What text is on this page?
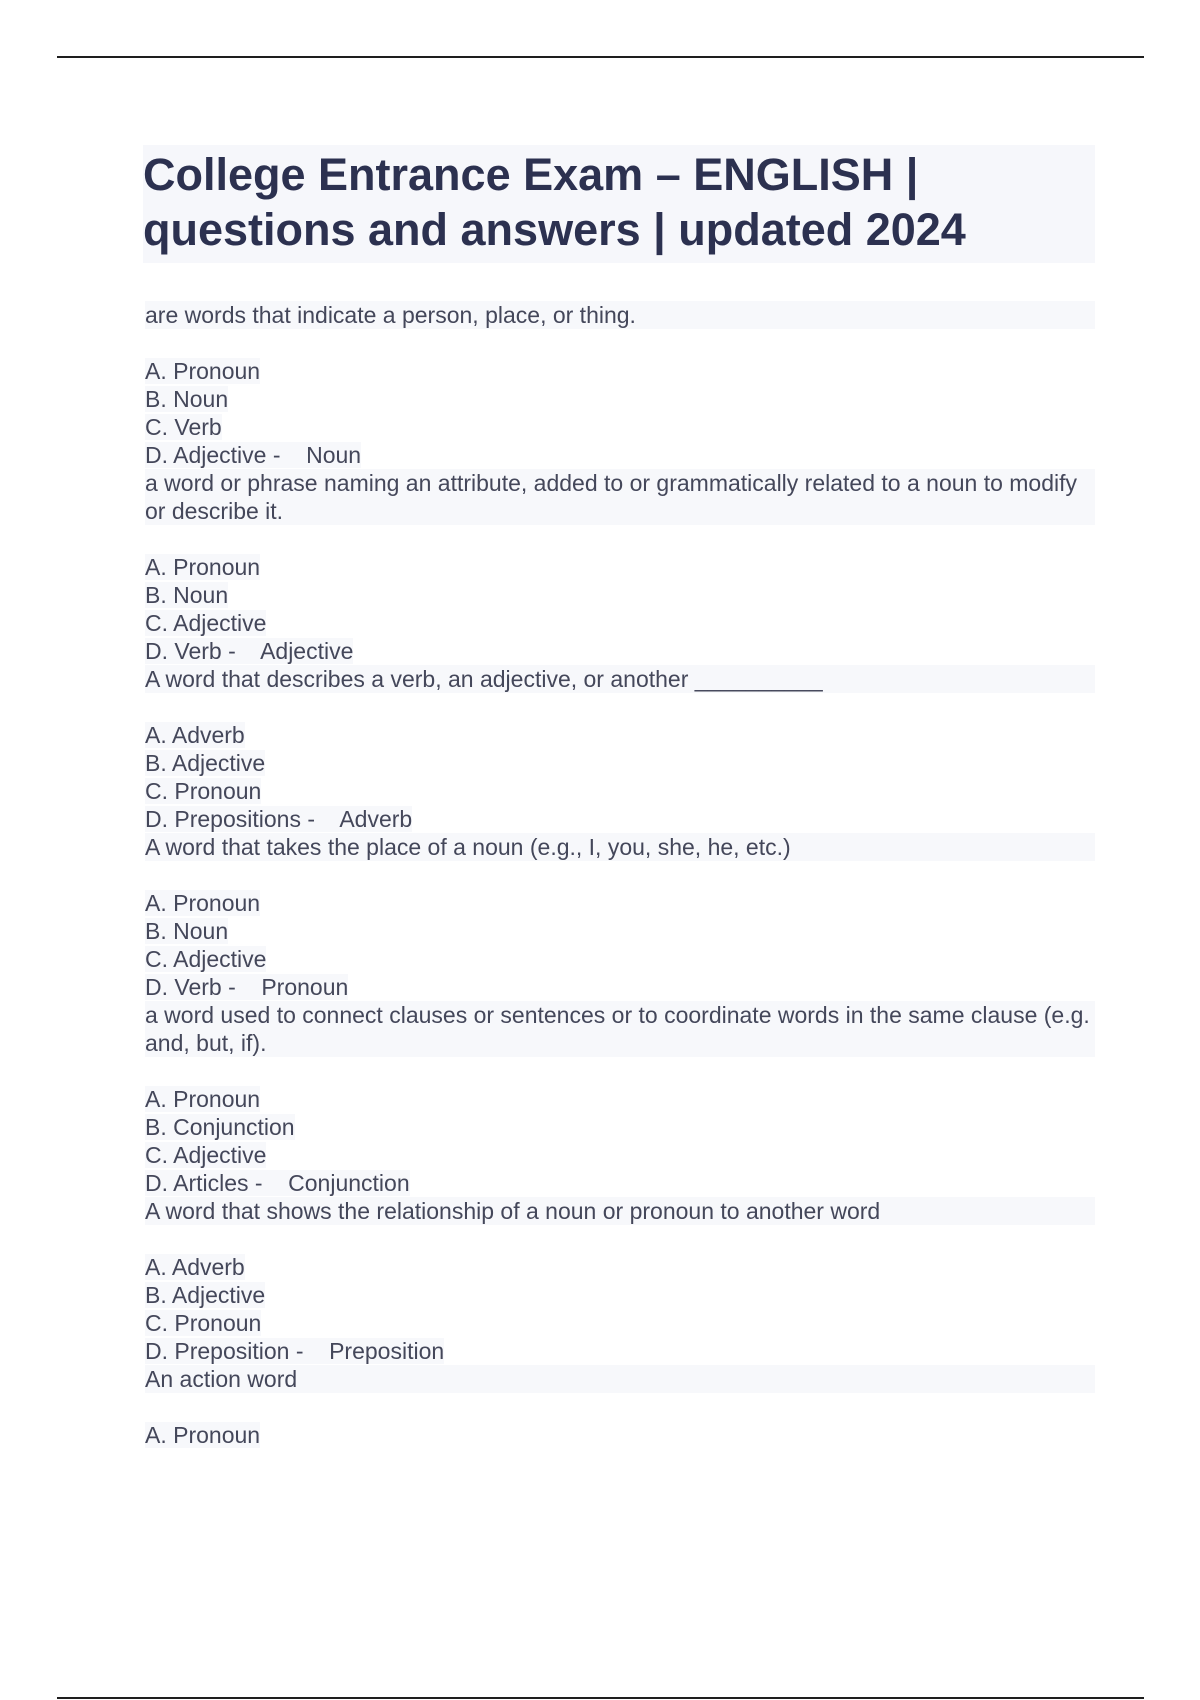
College Entrance Exam – ENGLISH | questions and answers | updated 2024
are words that indicate a person, place, or thing.
A. Pronoun
B. Noun
C. Verb
D. Adjective -    Noun
a word or phrase naming an attribute, added to or grammatically related to a noun to modify or describe it.
A. Pronoun
B. Noun
C. Adjective
D. Verb -    Adjective
A word that describes a verb, an adjective, or another __________
A. Adverb
B. Adjective
C. Pronoun
D. Prepositions -    Adverb
A word that takes the place of a noun (e.g., I, you, she, he, etc.)
A. Pronoun
B. Noun
C. Adjective
D. Verb -    Pronoun
a word used to connect clauses or sentences or to coordinate words in the same clause (e.g. and, but, if).
A. Pronoun
B. Conjunction
C. Adjective
D. Articles -    Conjunction
A word that shows the relationship of a noun or pronoun to another word
A. Adverb
B. Adjective
C. Pronoun
D. Preposition -    Preposition
An action word
A. Pronoun
